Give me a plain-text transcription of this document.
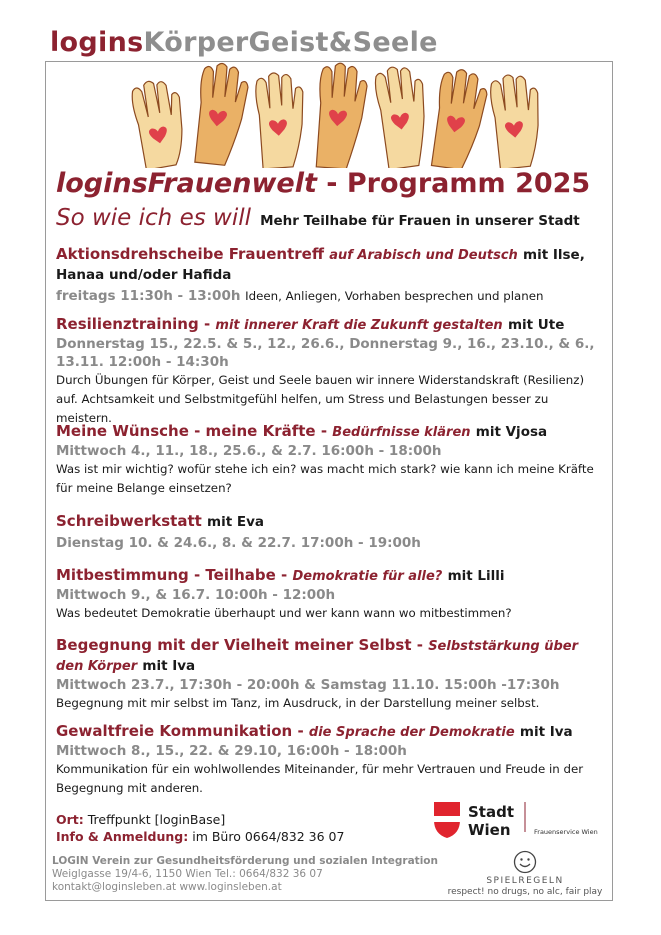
loginsKörperGeist&Seele
loginsFrauenwelt - Programm 2025
So wie ich es will Mehr Teilhabe für Frauen in unserer Stadt
Aktionsdrehscheibe Frauentreff auf Arabisch und Deutsch mit Ilse, Hanaa und/oder Hafida
freitags 11:30h - 13:00h Ideen, Anliegen, Vorhaben besprechen und planen
Resilienztraining - mit innerer Kraft die Zukunft gestalten mit Ute
Donnerstag 15., 22.5. & 5., 12., 26.6., Donnerstag 9., 16., 23.10., & 6., 13.11. 12:00h - 14:30h
Durch Übungen für Körper, Geist und Seele bauen wir innere Widerstandskraft (Resilienz) auf. Achtsamkeit und Selbstmitgefühl helfen, um Stress und Belastungen besser zu meistern.
Meine Wünsche - meine Kräfte - Bedürfnisse klären mit Vjosa
Mittwoch 4., 11., 18., 25.6., & 2.7. 16:00h - 18:00h
Was ist mir wichtig? wofür stehe ich ein? was macht mich stark? wie kann ich meine Kräfte für meine Belange einsetzen?
Schreibwerkstatt mit Eva
Dienstag 10. & 24.6., 8. & 22.7. 17:00h - 19:00h
Mitbestimmung - Teilhabe - Demokratie für alle? mit Lilli
Mittwoch 9., & 16.7. 10:00h - 12:00h
Was bedeutet Demokratie überhaupt und wer kann wann wo mitbestimmen?
Begegnung mit der Vielheit meiner Selbst - Selbststärkung über den Körper mit Iva
Mittwoch 23.7., 17:30h - 20:00h & Samstag 11.10. 15:00h -17:30h
Begegnung mit mir selbst im Tanz, im Ausdruck, in der Darstellung meiner selbst.
Gewaltfreie Kommunikation - die Sprache der Demokratie mit Iva
Mittwoch 8., 15., 22. & 29.10, 16:00h - 18:00h
Kommunikation für ein wohlwollendes Miteinander, für mehr Vertrauen und Freude in der Begegnung mit anderen.
Ort: Treffpunkt [loginBase]
Info & Anmeldung: im Büro 0664/832 36 07
Stadt
Wien	Frauenservice Wien
LOGIN Verein zur Gesundheitsförderung und sozialen Integration
Weiglgasse 19/4-6, 1150 Wien Tel.: 0664/832 36 07
kontakt@loginsleben.at www.loginsleben.at	SPIELREGELN
respect! no drugs, no alc, fair play
